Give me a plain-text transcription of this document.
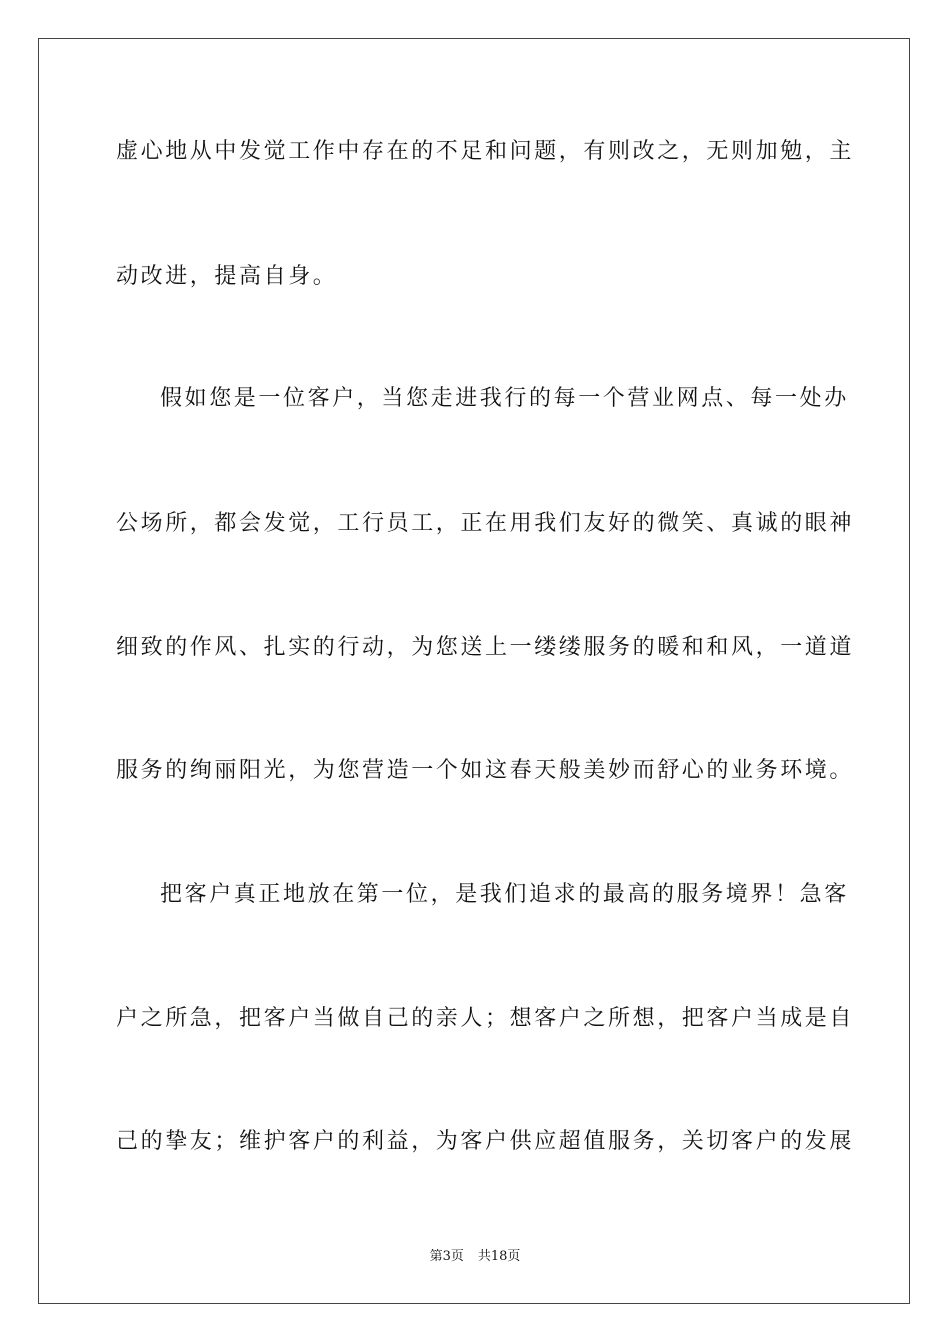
虚心地从中发觉工作中存在的不足和问题，有则改之，无则加勉，主
动改进，提高自身。
假如您是一位客户，当您走进我行的每一个营业网点、每一处办
公场所，都会发觉，工行员工，正在用我们友好的微笑、真诚的眼神
细致的作风、扎实的行动，为您送上一缕缕服务的暖和和风，一道道
服务的绚丽阳光，为您营造一个如这春天般美妙而舒心的业务环境。
把客户真正地放在第一位，是我们追求的最高的服务境界！急客
户之所急，把客户当做自己的亲人；想客户之所想，把客户当成是自
己的挚友；维护客户的利益，为客户供应超值服务，关切客户的发展
第3页 共18页
